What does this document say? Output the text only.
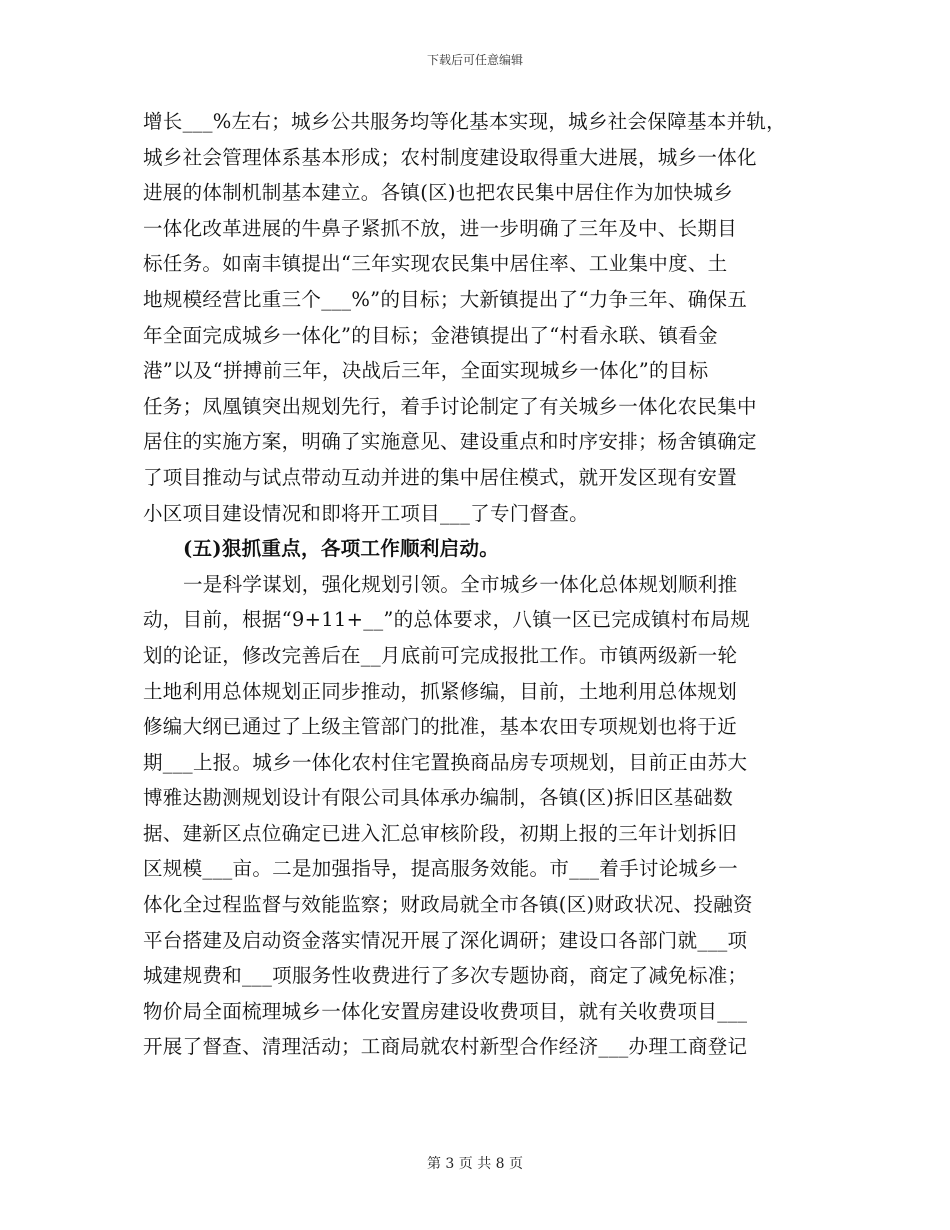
下载后可任意编辑
增长___%左右；城乡公共服务均等化基本实现，城乡社会保障基本并轨，
城乡社会管理体系基本形成；农村制度建设取得重大进展，城乡一体化
进展的体制机制基本建立。各镇(区)也把农民集中居住作为加快城乡
一体化改革进展的牛鼻子紧抓不放，进一步明确了三年及中、长期目
标任务。如南丰镇提出“三年实现农民集中居住率、工业集中度、土
地规模经营比重三个___%”的目标；大新镇提出了“力争三年、确保五
年全面完成城乡一体化”的目标；金港镇提出了“村看永联、镇看金
港”以及“拼搏前三年，决战后三年，全面实现城乡一体化”的目标
任务；凤凰镇突出规划先行，着手讨论制定了有关城乡一体化农民集中
居住的实施方案，明确了实施意见、建设重点和时序安排；杨舍镇确定
了项目推动与试点带动互动并进的集中居住模式，就开发区现有安置
小区项目建设情况和即将开工项目___了专门督查。
(五)狠抓重点，各项工作顺利启动。
一是科学谋划，强化规划引领。全市城乡一体化总体规划顺利推
动，目前，根据“9+11+__”的总体要求，八镇一区已完成镇村布局规
划的论证，修改完善后在__月底前可完成报批工作。市镇两级新一轮
土地利用总体规划正同步推动，抓紧修编，目前，土地利用总体规划
修编大纲已通过了上级主管部门的批准，基本农田专项规划也将于近
期___上报。城乡一体化农村住宅置换商品房专项规划，目前正由苏大
博雅达勘测规划设计有限公司具体承办编制，各镇(区)拆旧区基础数
据、建新区点位确定已进入汇总审核阶段，初期上报的三年计划拆旧
区规模___亩。二是加强指导，提高服务效能。市___着手讨论城乡一
体化全过程监督与效能监察；财政局就全市各镇(区)财政状况、投融资
平台搭建及启动资金落实情况开展了深化调研；建设口各部门就___项
城建规费和___项服务性收费进行了多次专题协商，商定了减免标准；
物价局全面梳理城乡一体化安置房建设收费项目，就有关收费项目___
开展了督查、清理活动；工商局就农村新型合作经济___办理工商登记
第 3 页 共 8 页
